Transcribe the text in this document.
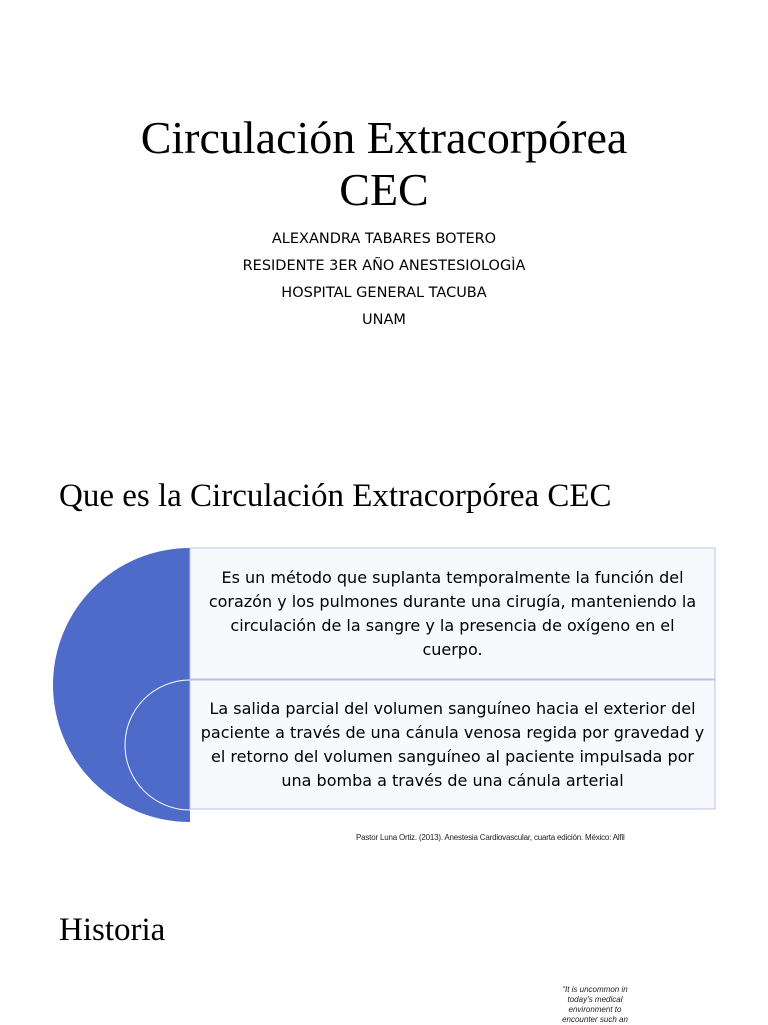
Circulación Extracorpórea
CEC
ALEXANDRA TABARES BOTERO
RESIDENTE 3ER AÑO ANESTESIOLOGÌA
HOSPITAL GENERAL TACUBA
UNAM
Que es la Circulación Extracorpórea CEC
Es un método que suplanta temporalmente la función del corazón y los pulmones durante una cirugía, manteniendo la circulación de la sangre y la presencia de oxígeno en el cuerpo.
La salida parcial del volumen sanguíneo hacia el exterior del paciente a través de una cánula venosa regida por gravedad y el retorno del volumen sanguíneo al paciente impulsada por una bomba a través de una cánula arterial
Pastor Luna Ortiz. (2013). Anestesia Cardiovascular, cuarta edición. México: Alfil
Historia
“It is uncommon in
today’s medical
environment to
encounter such an
